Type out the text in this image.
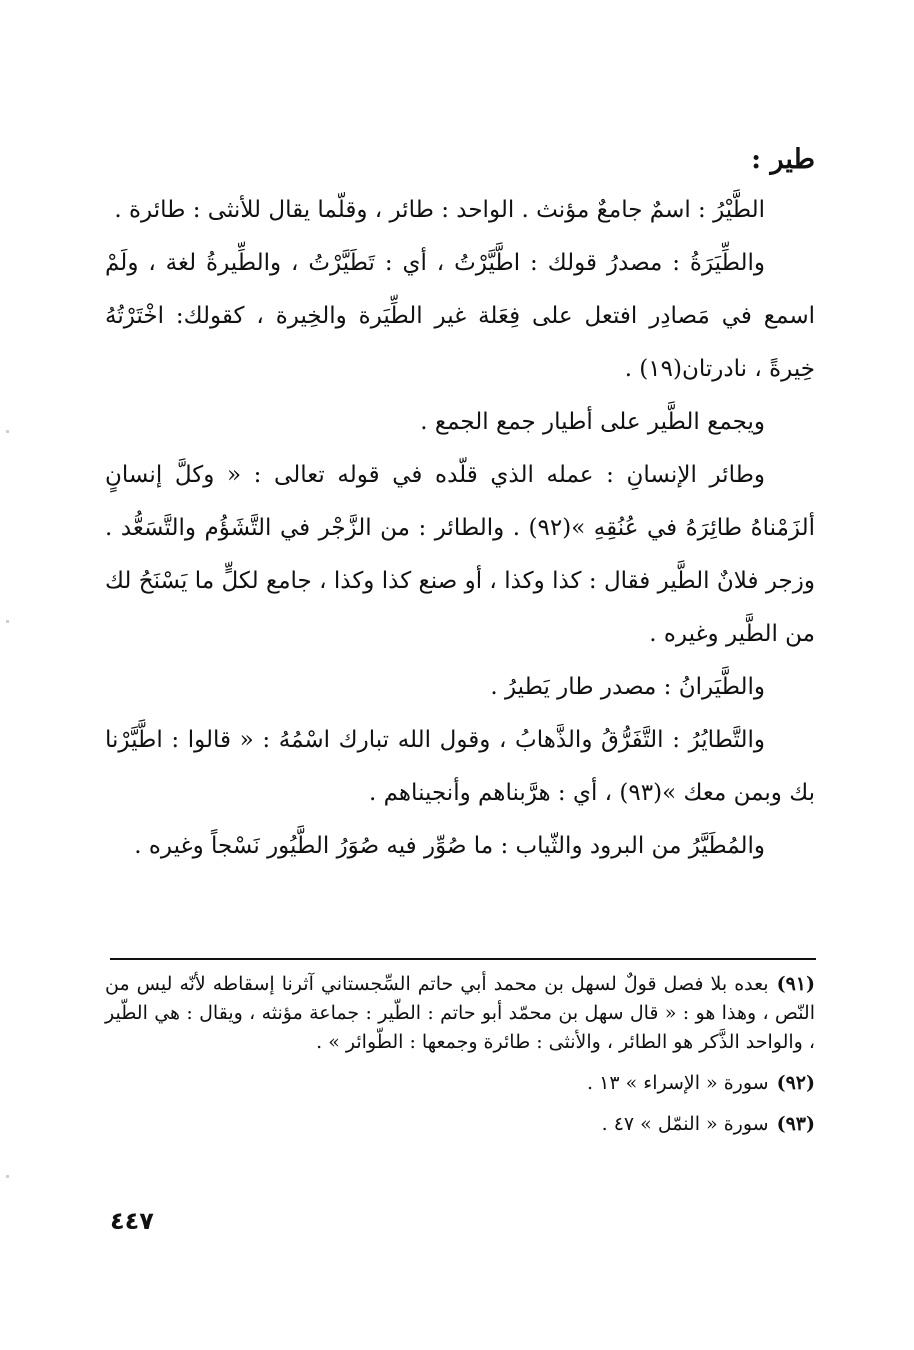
طير :

الطَّيْرُ : اسمٌ جامعٌ مؤنث . الواحد : طائر ، وقلّما يقال للأنثى : طائرة .

والطِّيَرَةُ : مصدرُ قولك : اطَّيَّرْتُ ، أي : تَطَيَّرْتُ ، والطِّيرةُ لغة ، ولَمْ اسمع في مَصادِر افتعل على فِعَلة غير الطِّيَرة والخِيرة ، كقولك: اخْتَرْتُهُ خِيرةً ، نادرتان(١٩) .

ويجمع الطَّير على أطيار جمع الجمع .

وطائر الإنسانِ : عمله الذي قلّده في قوله تعالى : « وكلَّ إنسانٍ ألزَمْناهُ طائِرَهُ في عُنُقِهِ »(٩٢) . والطائر : من الزَّجْر في التَّشَؤُم والتَّسَعُّد . وزجر فلانٌ الطَّير فقال : كذا وكذا ، أو صنع كذا وكذا ، جامع لكلٍّ ما يَسْنَحُ لك من الطَّير وغيره .

والطَّيَرانُ : مصدر طار يَطيرُ .

والتَّطايُرُ : التَّفَرُّقُ والذَّهابُ ، وقول الله تبارك اسْمُهُ : « قالوا : اطَّيَّرْنا بك وبمن معك »(٩٣) ، أي : هرَّبناهم وأنجيناهم .

والمُطَيَّرُ من البرود والثّياب : ما صُوِّر فيه صُوَرُ الطَّيُور نَسْجاً وغيره .

(٩١)بعده بلا فصل قولٌ لسهل بن محمد أبي حاتم السِّجستاني آثرنا إسقاطه لأنّه ليس من النّص ، وهذا هو : « قال سهل بن محمّد أبو حاتم : الطّير : جماعة مؤنثه ، ويقال : هي الطّير ، والواحد الذَّكر هو الطائر ، والأنثى : طائرة وجمعها : الطّوائر » .

(٩٢)سورة « الإسراء » ١٣ .

(٩٣)سورة « النمّل » ٤٧ .

٤٤٧
